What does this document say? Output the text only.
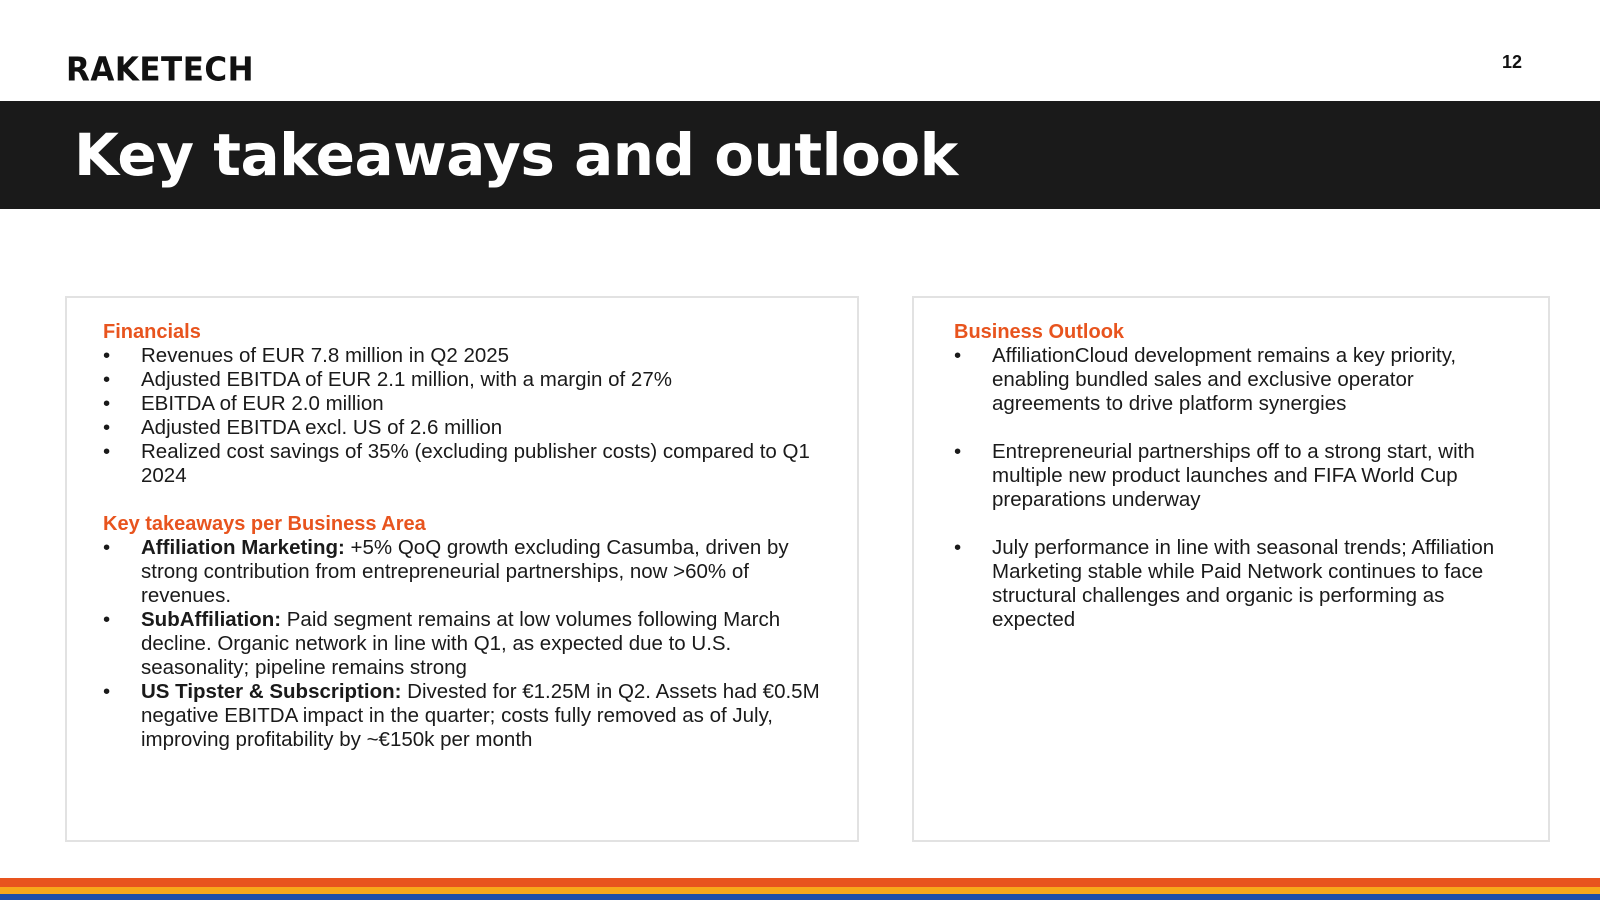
RAKETECH	12
Key takeaways and outlook
Financials
• Revenues of EUR 7.8 million in Q2 2025
• Adjusted EBITDA of EUR 2.1 million, with a margin of 27%
• EBITDA of EUR 2.0 million
• Adjusted EBITDA excl. US of 2.6 million
• Realized cost savings of 35% (excluding publisher costs) compared to Q1 2024
Key takeaways per Business Area
• Affiliation Marketing: +5% QoQ growth excluding Casumba, driven by strong contribution from entrepreneurial partnerships, now >60% of revenues.
• SubAffiliation: Paid segment remains at low volumes following March decline. Organic network in line with Q1, as expected due to U.S. seasonality; pipeline remains strong
• US Tipster & Subscription: Divested for €1.25M in Q2. Assets had €0.5M negative EBITDA impact in the quarter; costs fully removed as of July, improving profitability by ~€150k per month
Business Outlook
• AffiliationCloud development remains a key priority, enabling bundled sales and exclusive operator agreements to drive platform synergies
• Entrepreneurial partnerships off to a strong start, with multiple new product launches and FIFA World Cup preparations underway
• July performance in line with seasonal trends; Affiliation Marketing stable while Paid Network continues to face structural challenges and organic is performing as expected
